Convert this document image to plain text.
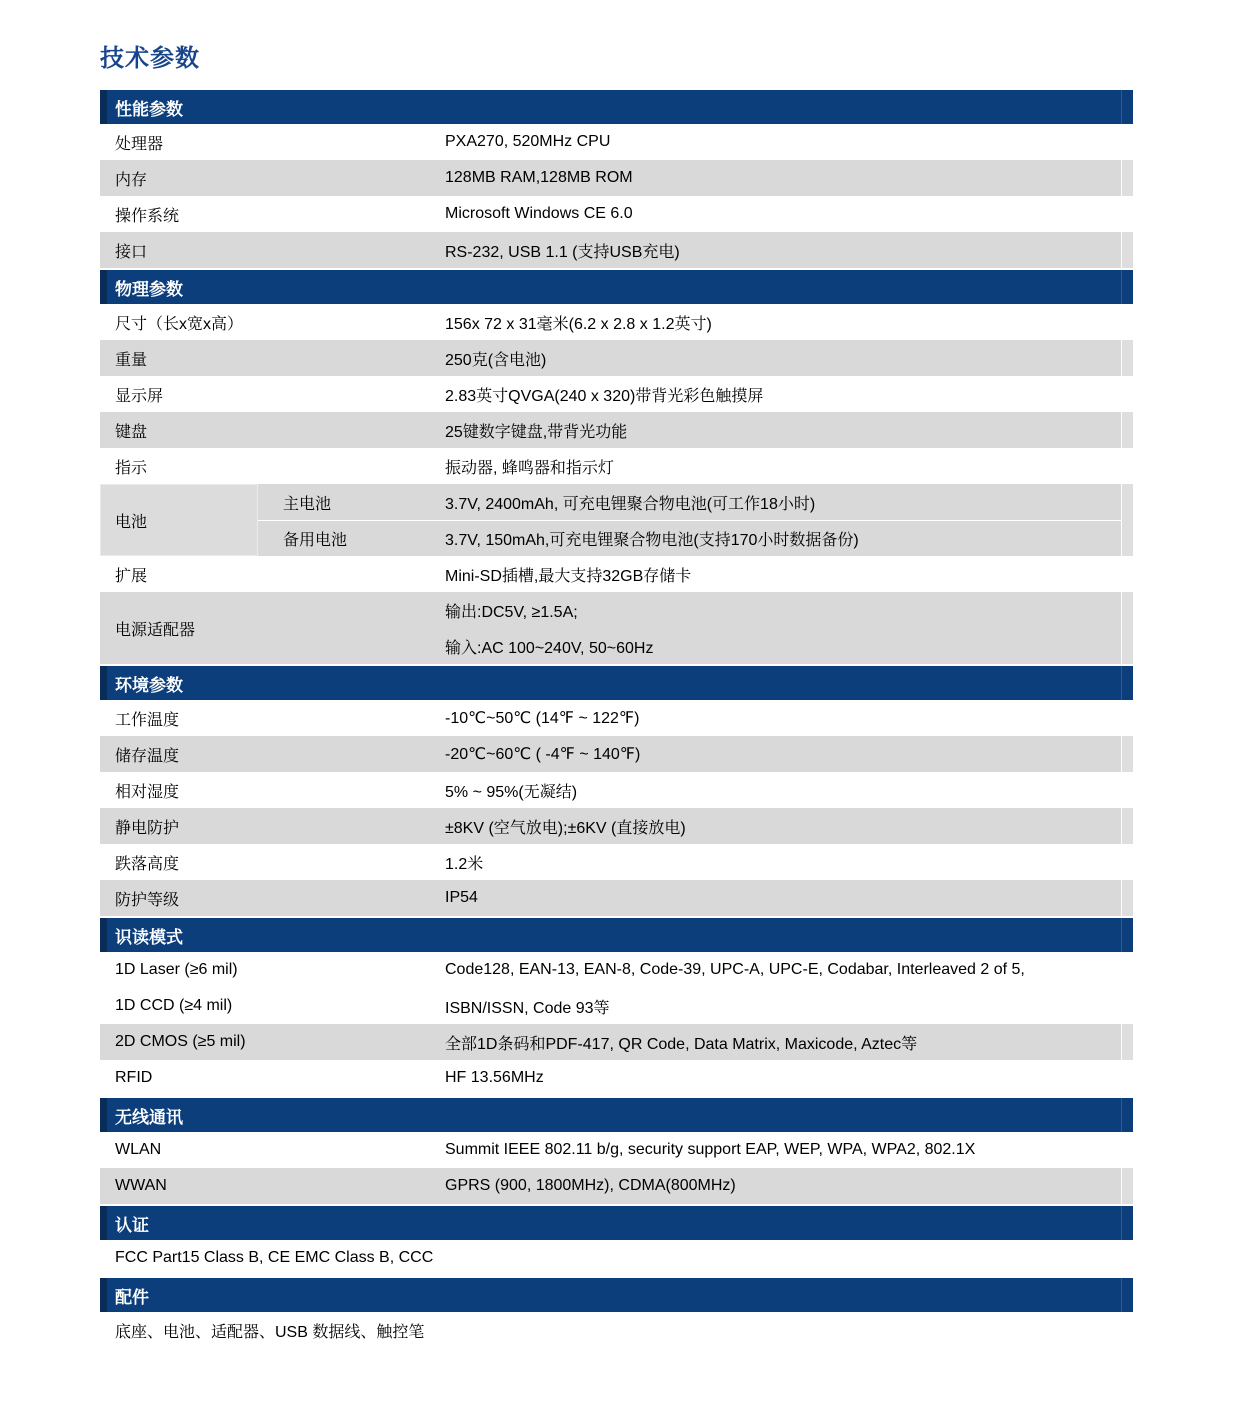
技术参数
性能参数
处理器	PXA270, 520MHz CPU
内存	128MB RAM,128MB ROM
操作系统	Microsoft Windows CE 6.0
接口	RS-232, USB 1.1 (支持USB充电)
物理参数
尺寸（长x宽x高）	156x 72 x 31毫米(6.2 x 2.8 x 1.2英寸)
重量	250克(含电池)
显示屏	2.83英寸QVGA(240 x 320)带背光彩色触摸屏
键盘	25键数字键盘,带背光功能
指示	振动器, 蜂鸣器和指示灯
电池
主电池	3.7V, 2400mAh, 可充电锂聚合物电池(可工作18小时)
备用电池	3.7V, 150mAh,可充电锂聚合物电池(支持170小时数据备份)
扩展	Mini-SD插槽,最大支持32GB存储卡
电源适配器
输出:DC5V, ≥1.5A;
输入:AC 100~240V, 50~60Hz
环境参数
工作温度	-10℃~50℃ (14℉ ~ 122℉)
储存温度	-20℃~60℃ ( -4℉ ~ 140℉)
相对湿度	5% ~ 95%(无凝结)
静电防护	±8KV (空气放电);±6KV (直接放电)
跌落高度	1.2米
防护等级	IP54
识读模式
1D Laser (≥6 mil)	Code128, EAN-13, EAN-8, Code-39, UPC-A, UPC-E, Codabar, Interleaved 2 of 5,
1D CCD (≥4 mil)	ISBN/ISSN, Code 93等
2D CMOS (≥5 mil)	全部1D条码和PDF-417, QR Code, Data Matrix, Maxicode, Aztec等
RFID	HF 13.56MHz
无线通讯
WLAN	Summit IEEE 802.11 b/g, security support EAP, WEP, WPA, WPA2, 802.1X
WWAN	GPRS (900, 1800MHz), CDMA(800MHz)
认证
FCC Part15 Class B, CE EMC Class B, CCC
配件
底座、电池、适配器、USB 数据线、触控笔
